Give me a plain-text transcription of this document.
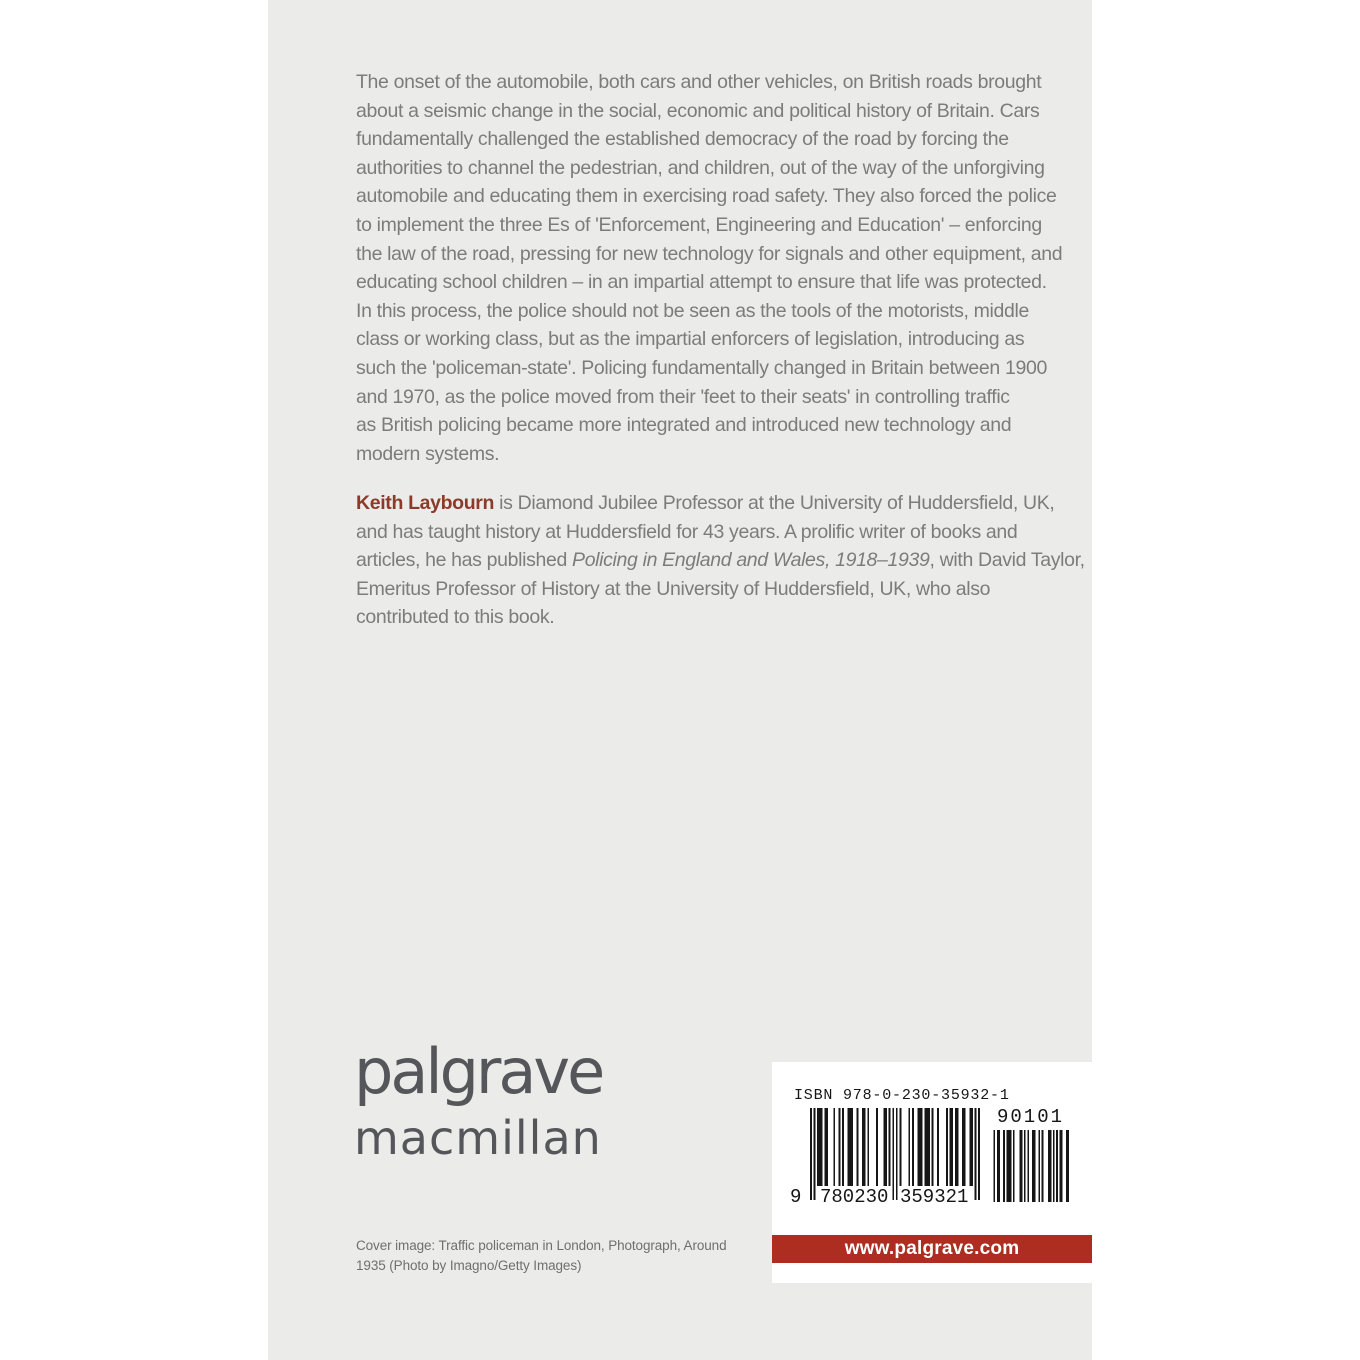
The onset of the automobile, both cars and other vehicles, on British roads brought
about a seismic change in the social, economic and political history of Britain. Cars
fundamentally challenged the established democracy of the road by forcing the
authorities to channel the pedestrian, and children, out of the way of the unforgiving
automobile and educating them in exercising road safety. They also forced the police
to implement the three Es of 'Enforcement, Engineering and Education' – enforcing
the law of the road, pressing for new technology for signals and other equipment, and
educating school children – in an impartial attempt to ensure that life was protected.
In this process, the police should not be seen as the tools of the motorists, middle
class or working class, but as the impartial enforcers of legislation, introducing as
such the 'policeman-state'. Policing fundamentally changed in Britain between 1900
and 1970, as the police moved from their 'feet to their seats' in controlling traffic
as British policing became more integrated and introduced new technology and
modern systems.
Keith Laybourn is Diamond Jubilee Professor at the University of Huddersfield, UK,
and has taught history at Huddersfield for 43 years. A prolific writer of books and
articles, he has published Policing in England and Wales, 1918–1939, with David Taylor,
Emeritus Professor of History at the University of Huddersfield, UK, who also
contributed to this book.
palgrave
macmillan
ISBN 978-0-230-35932-1
9 780230 359321
90101
www.palgrave.com
Cover image: Traffic policeman in London, Photograph, Around
1935 (Photo by Imagno/Getty Images)
